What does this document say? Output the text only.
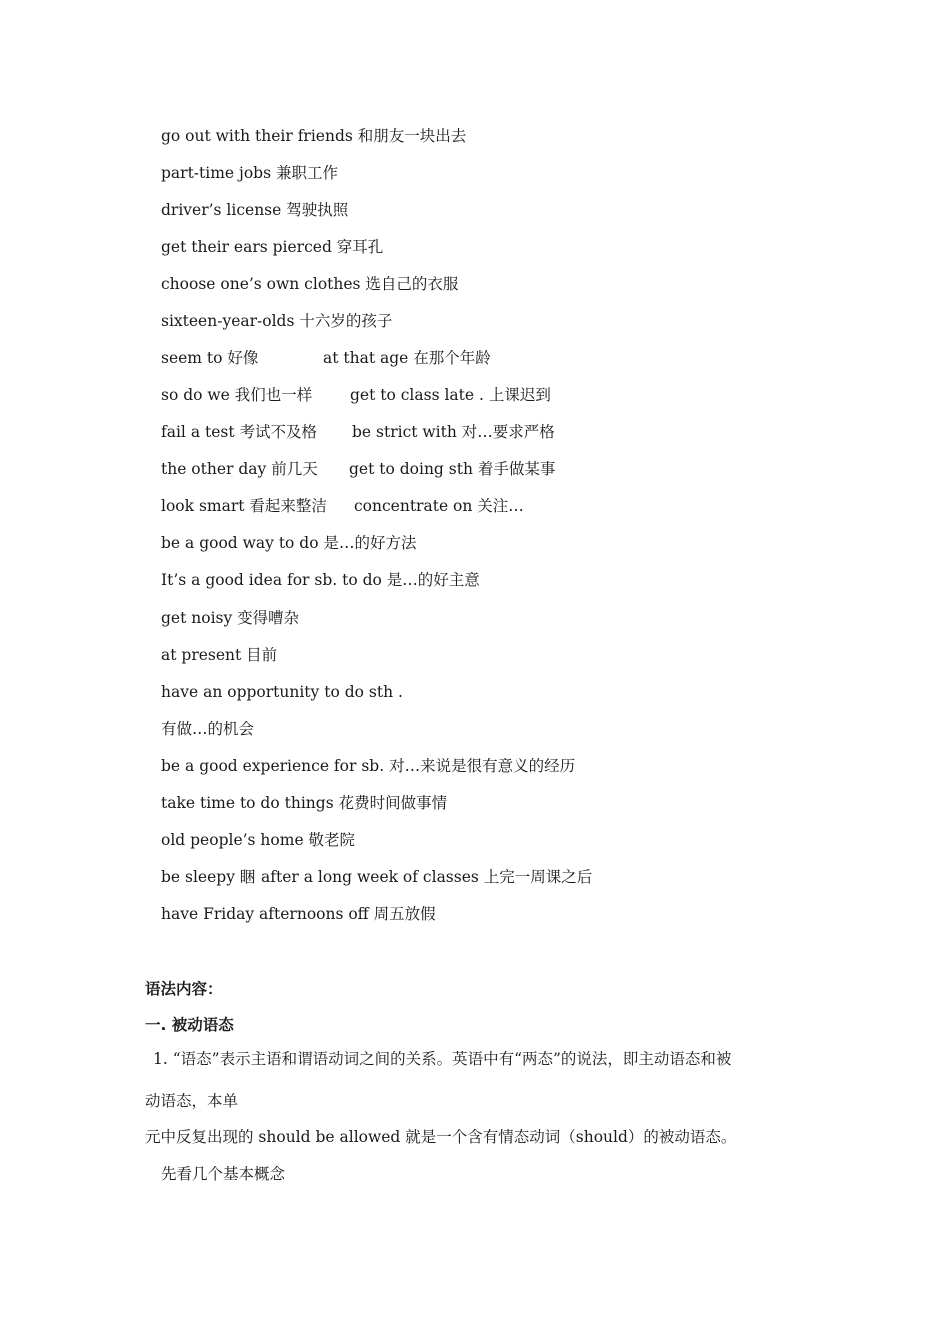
go out with their friends 和朋友一块出去
part-time jobs 兼职工作
driver’s license 驾驶执照
get their ears pierced 穿耳孔
choose one’s own clothes 选自己的衣服
sixteen-year-olds 十六岁的孩子
seem to 好像	at that age 在那个年龄
so do we 我们也一样 get to class late . 上课迟到
fail a test 考试不及格 be strict with 对…要求严格
the other day 前几天 get to doing sth 着手做某事
look smart 看起来整洁 concentrate on 关注…
be a good way to do 是…的好方法
It’s a good idea for sb. to do 是…的好主意
get noisy 变得嘈杂
at present 目前
have an opportunity to do sth .
有做…的机会
be a good experience for sb. 对…来说是很有意义的经历
take time to do things 花费时间做事情
old people’s home 敬老院
be sleepy 睏 after a long week of classes 上完一周课之后
have Friday afternoons off 周五放假
语法内容：
一. 被动语态
1. “语态”表示主语和谓语动词之间的关系。英语中有“两态”的说法，即主动语态和被
动语态，本单
元中反复出现的 should be allowed 就是一个含有情态动词（should）的被动语态。
先看几个基本概念
